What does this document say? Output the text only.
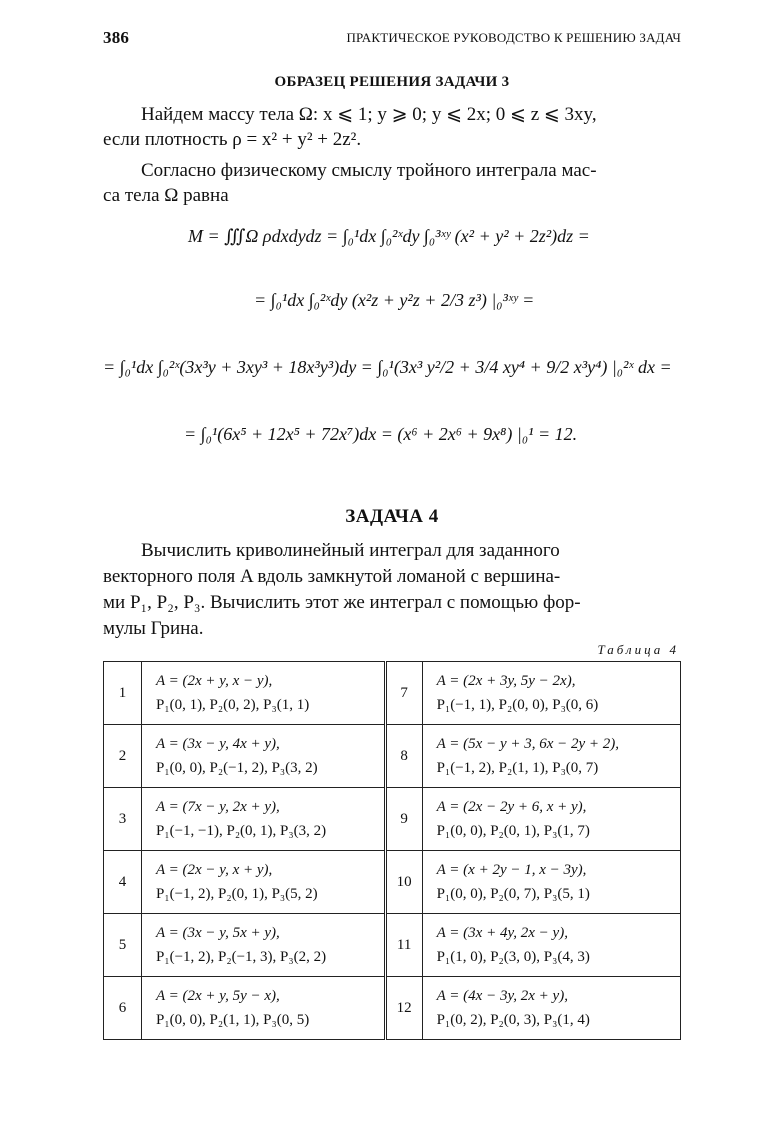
386	ПРАКТИЧЕСКОЕ РУКОВОДСТВО К РЕШЕНИЮ ЗАДАЧ
ОБРАЗЕЦ РЕШЕНИЯ ЗАДАЧИ 3

Найдем массу тела Ω: x ⩽ 1; y ⩾ 0; y ⩽ 2x; 0 ⩽ z ⩽ 3xy,
если плотность ρ = x² + y² + 2z².

Согласно физическому смыслу тройного интеграла мас-
са тела Ω равна

M = ∭Ω ρdxdydz = ∫₀¹dx ∫₀²ˣdy ∫₀³ˣʸ (x² + y² + 2z²)dz =
= ∫₀¹dx ∫₀²ˣdy (x²z + y²z + 2/3 z³) |₀³ˣʸ =
= ∫₀¹dx ∫₀²ˣ(3x³y + 3xy³ + 18x³y³)dy = ∫₀¹(3x³ y²/2 + 3/4 xy⁴ + 9/2 x³y⁴) |₀²ˣ dx =
= ∫₀¹(6x⁵ + 12x⁵ + 72x⁷)dx = (x⁶ + 2x⁶ + 9x⁸) |₀¹ = 12.
ЗАДАЧА 4

Вычислить криволинейный интеграл для заданного
векторного поля A вдоль замкнутой ломаной с вершина-
ми P₁, P₂, P₃. Вычислить этот же интеграл с помощью фор-
мулы Грина.

Таблица 4
1	A = (2x + y, x − y),
P₁(0, 1), P₂(0, 2), P₃(1, 1)	7	A = (2x + 3y, 5y − 2x),
P₁(−1, 1), P₂(0, 0), P₃(0, 6)

2	A = (3x − y, 4x + y),
P₁(0, 0), P₂(−1, 2), P₃(3, 2)	8	A = (5x − y + 3, 6x − 2y + 2),
P₁(−1, 2), P₂(1, 1), P₃(0, 7)

3	A = (7x − y, 2x + y),
P₁(−1, −1), P₂(0, 1), P₃(3, 2)	9	A = (2x − 2y + 6, x + y),
P₁(0, 0), P₂(0, 1), P₃(1, 7)

4	A = (2x − y, x + y),
P₁(−1, 2), P₂(0, 1), P₃(5, 2)	10	A = (x + 2y − 1, x − 3y),
P₁(0, 0), P₂(0, 7), P₃(5, 1)

5	A = (3x − y, 5x + y),
P₁(−1, 2), P₂(−1, 3), P₃(2, 2)	11	A = (3x + 4y, 2x − y),
P₁(1, 0), P₂(3, 0), P₃(4, 3)

6	A = (2x + y, 5y − x),
P₁(0, 0), P₂(1, 1), P₃(0, 5)	12	A = (4x − 3y, 2x + y),
P₁(0, 2), P₂(0, 3), P₃(1, 4)
